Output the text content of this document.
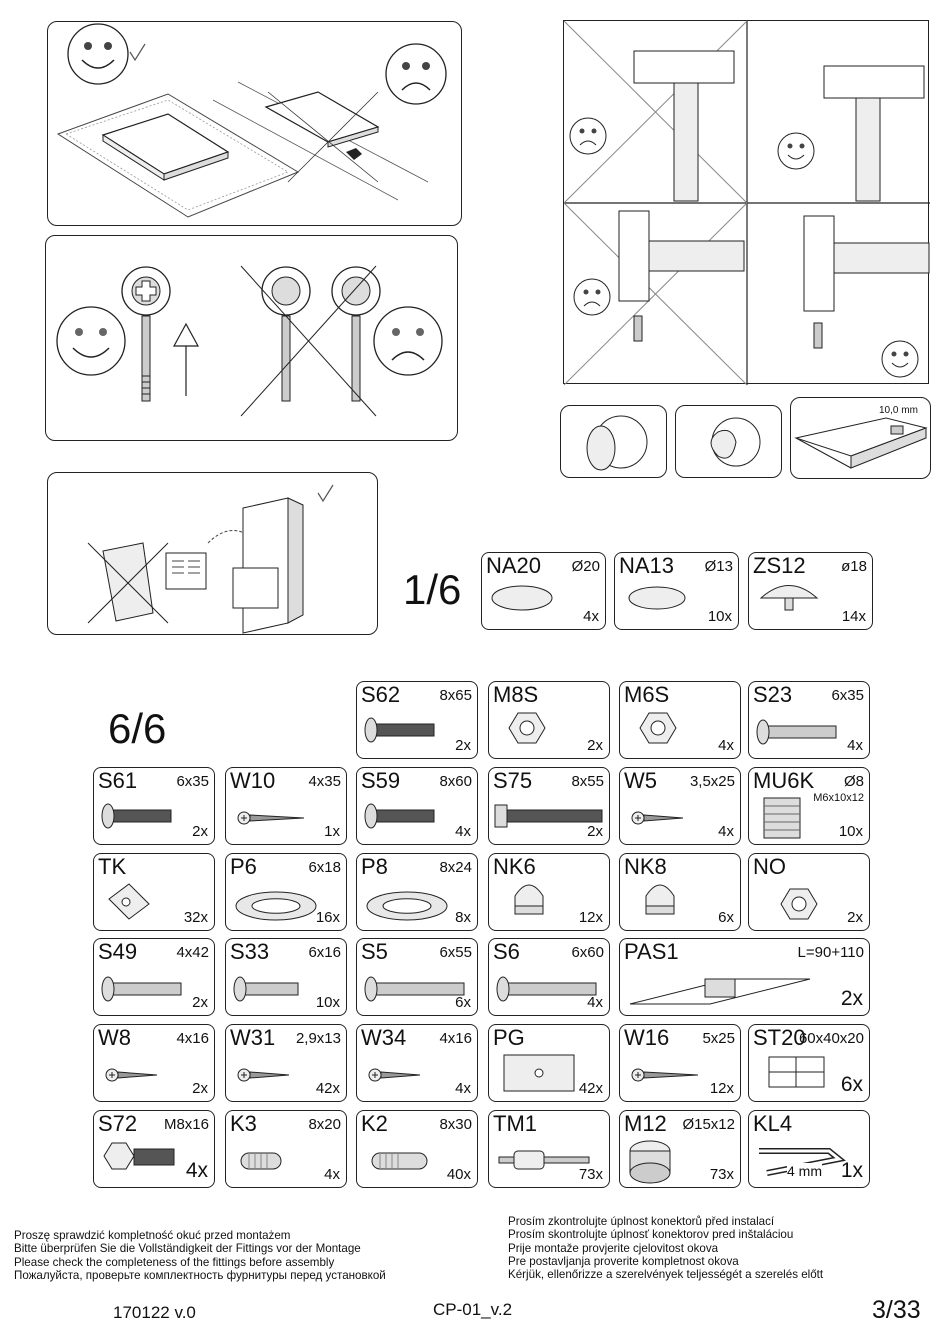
10,0 mm
1/6
NA20 Ø20
4x
NA13 Ø13
10x
ZS12 ø18
14x
6/6
S62	8x65
2x
M8S
2x
M6S
4x
S23	6x35
4x
S61	6x35
2x
W10 4x35
1x
S59	8x60
4x
S75	8x55
2x
W5 3,5x25
4x
MU6K Ø8
M6x10x12
10x
TK
32x
P6	6x18
16x
P8	8x24
8x
NK6
12x
NK8
6x
NO
2x
S49	4x42
2x
S33	6x16
10x
S5	6x55
6x
S6	6x60
4x
PAS1	L=90+110
2x
W8	4x16
2x
W31 2,9x13
42x
W34 4x16
4x
PG
42x
W16 5x25
12x
ST20
60x40x20
6x
S72 M8x16
4x
K3	8x20
4x
K2	8x30
40x
TM1
73x
M12 Ø15x12
73x
KL4
4 mm 1x
Proszę sprawdzić kompletność okuć przed montażem
Bitte überprüfen Sie die Vollständigkeit der Fittings vor der Montage
Please check the completeness of the fittings before assembly
Пожалуйста, проверьте комплектность фурнитуры перед установкой
Prosím zkontrolujte úplnost konektorů před instalací
Prosím skontrolujte úplnosť konektorov pred inštaláciou
Prije montaže provjerite cjelovitost okova
Pre postavljanja proverite kompletnost okova
Kérjük, ellenőrizze a szerelvények teljességét a szerelés előtt
170122 v.0	CP-01_v.2	3/33
